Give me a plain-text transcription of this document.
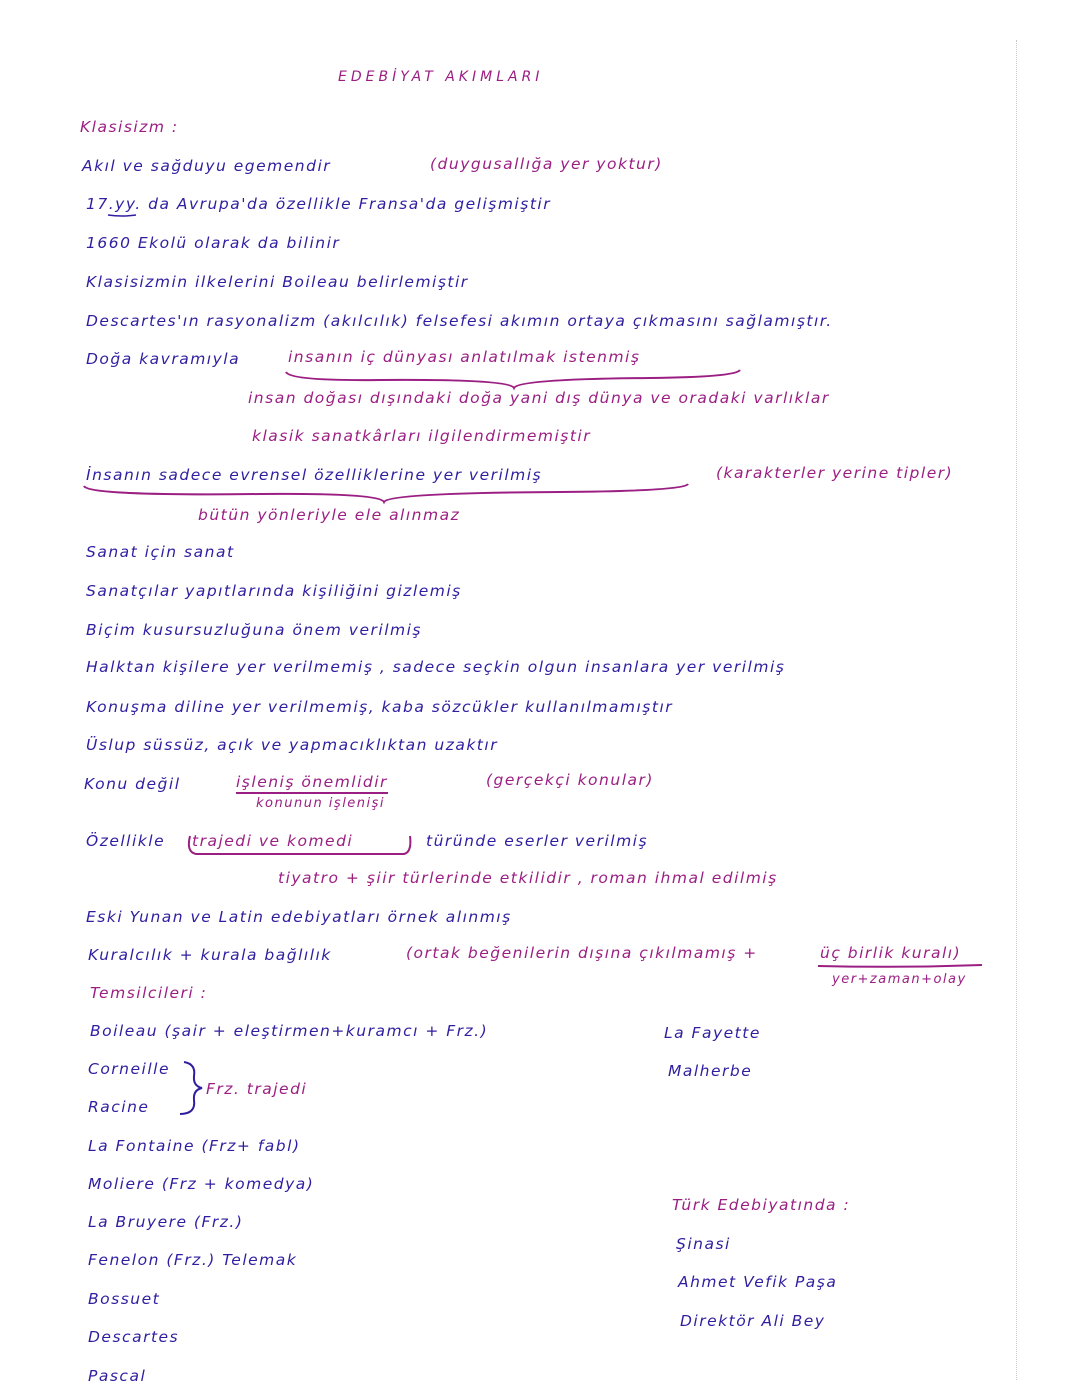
EDEBİYAT AKIMLARI
Klasisizm :
Akıl ve sağduyu egemendir	(duygusallığa yer yoktur)
17.yy. da Avrupa'da özellikle Fransa'da gelişmiştir
1660 Ekolü olarak da bilinir
Klasisizmin ilkelerini Boileau belirlemiştir
Descartes'ın rasyonalizm (akılcılık) felsefesi akımın ortaya çıkmasını sağlamıştır.
Doğa kavramıyla	insanın iç dünyası anlatılmak istenmiş
insan doğası dışındaki doğa yani dış dünya ve oradaki varlıklar
klasik sanatkârları ilgilendirmemiştir
İnsanın sadece evrensel özelliklerine yer verilmiş	(karakterler yerine tipler)
bütün yönleriyle ele alınmaz
Sanat için sanat
Sanatçılar yapıtlarında kişiliğini gizlemiş
Biçim kusursuzluğuna önem verilmiş
Halktan kişilere yer verilmemiş , sadece seçkin olgun insanlara yer verilmiş
Konuşma diline yer verilmemiş, kaba sözcükler kullanılmamıştır
Üslup süssüz, açık ve yapmacıklıktan uzaktır
Konu değil	işleniş önemlidir	(gerçekçi konular)
konunun işlenişi
Özellikle trajedi ve komedi	türünde eserler verilmiş
tiyatro + şiir türlerinde etkilidir , roman ihmal edilmiş
Eski Yunan ve Latin edebiyatları örnek alınmış
Kuralcılık + kurala bağlılık	(ortak beğenilerin dışına çıkılmamış +	üç birlik kuralı)
yer+zaman+olay
Temsilcileri :
Boileau (şair + eleştirmen+kuramcı + Frz.)
Corneille
Racine
Frz. trajedi
La Fontaine (Frz+ fabl)
Moliere (Frz + komedya)
La Bruyere (Frz.)
Fenelon (Frz.) Telemak
Bossuet
Descartes
Pascal
La Fayette
Malherbe
Türk Edebiyatında :
Şinasi
Ahmet Vefik Paşa
Direktör Ali Bey
